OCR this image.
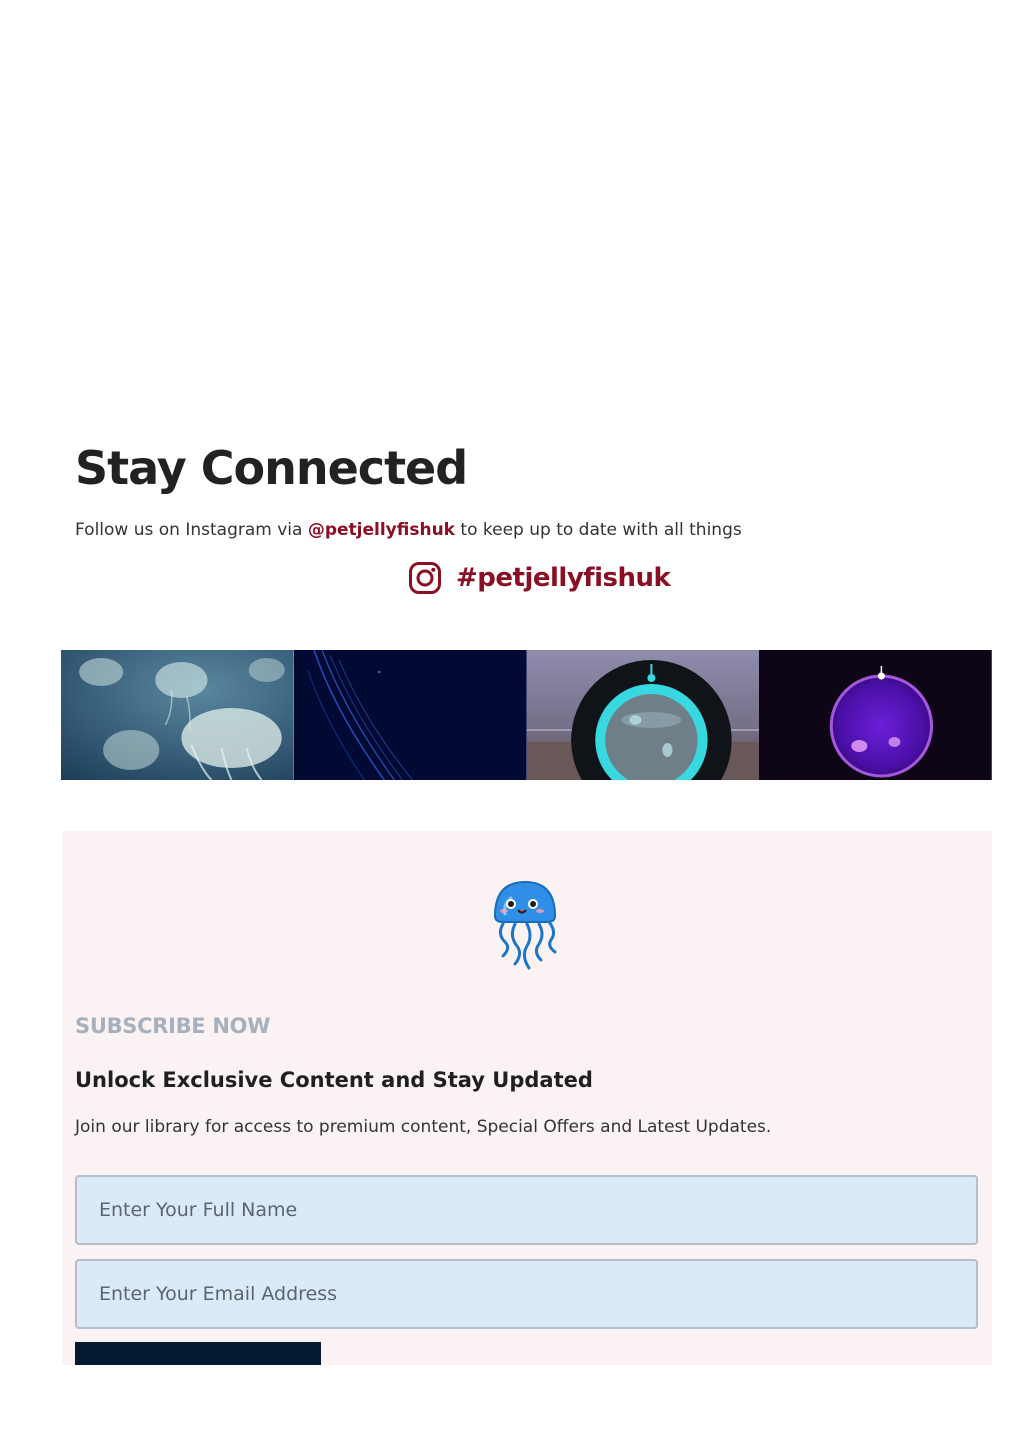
Stay Connected

Follow us on Instagram via @petjellyfishuk to keep up to date with all things

#petjellyfishuk

SUBSCRIBE NOW

Unlock Exclusive Content and Stay Updated

Join our library for access to premium content, Special Offers and Latest Updates.

Enter Your Full Name
Enter Your Email Address
